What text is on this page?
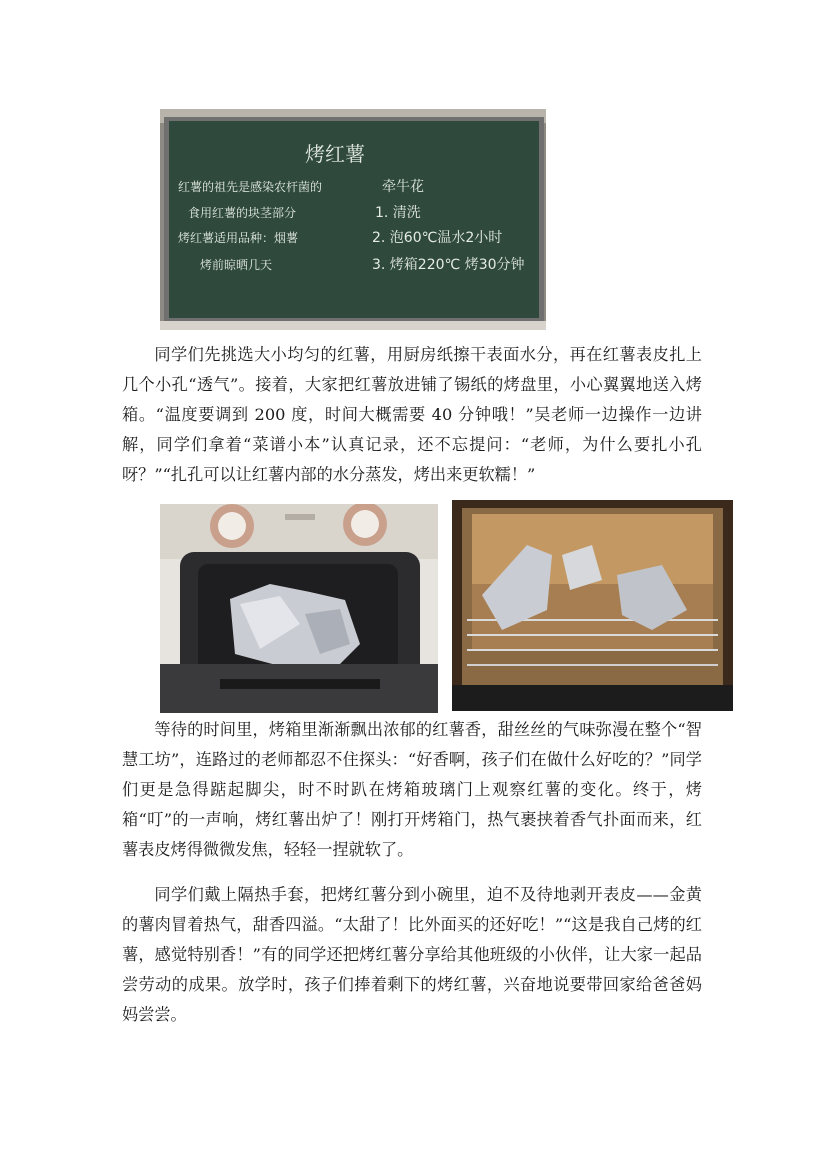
烤红薯
红薯的祖先是感染农杆菌的	牵牛花
食用红薯的块茎部分	1. 清洗
烤红薯适用品种：烟薯	2. 泡60℃温水2小时
烤前晾晒几天	3. 烤箱220℃ 烤30分钟

同学们先挑选大小均匀的红薯，用厨房纸擦干表面水分，再在红薯表皮扎上几个小孔“透气”。接着，大家把红薯放进铺了锡纸的烤盘里，小心翼翼地送入烤箱。“温度要调到 200 度，时间大概需要 40 分钟哦！”吴老师一边操作一边讲解，同学们拿着“菜谱小本”认真记录，还不忘提问：“老师，为什么要扎小孔呀？”“扎孔可以让红薯内部的水分蒸发，烤出来更软糯！”

等待的时间里，烤箱里渐渐飘出浓郁的红薯香，甜丝丝的气味弥漫在整个“智慧工坊”，连路过的老师都忍不住探头：“好香啊，孩子们在做什么好吃的？”同学们更是急得踮起脚尖，时不时趴在烤箱玻璃门上观察红薯的变化。终于，烤箱“叮”的一声响，烤红薯出炉了！刚打开烤箱门，热气裹挟着香气扑面而来，红薯表皮烤得微微发焦，轻轻一捏就软了。

同学们戴上隔热手套，把烤红薯分到小碗里，迫不及待地剥开表皮——金黄的薯肉冒着热气，甜香四溢。“太甜了！比外面买的还好吃！”“这是我自己烤的红薯，感觉特别香！”有的同学还把烤红薯分享给其他班级的小伙伴，让大家一起品尝劳动的成果。放学时，孩子们捧着剩下的烤红薯，兴奋地说要带回家给爸爸妈妈尝尝。
